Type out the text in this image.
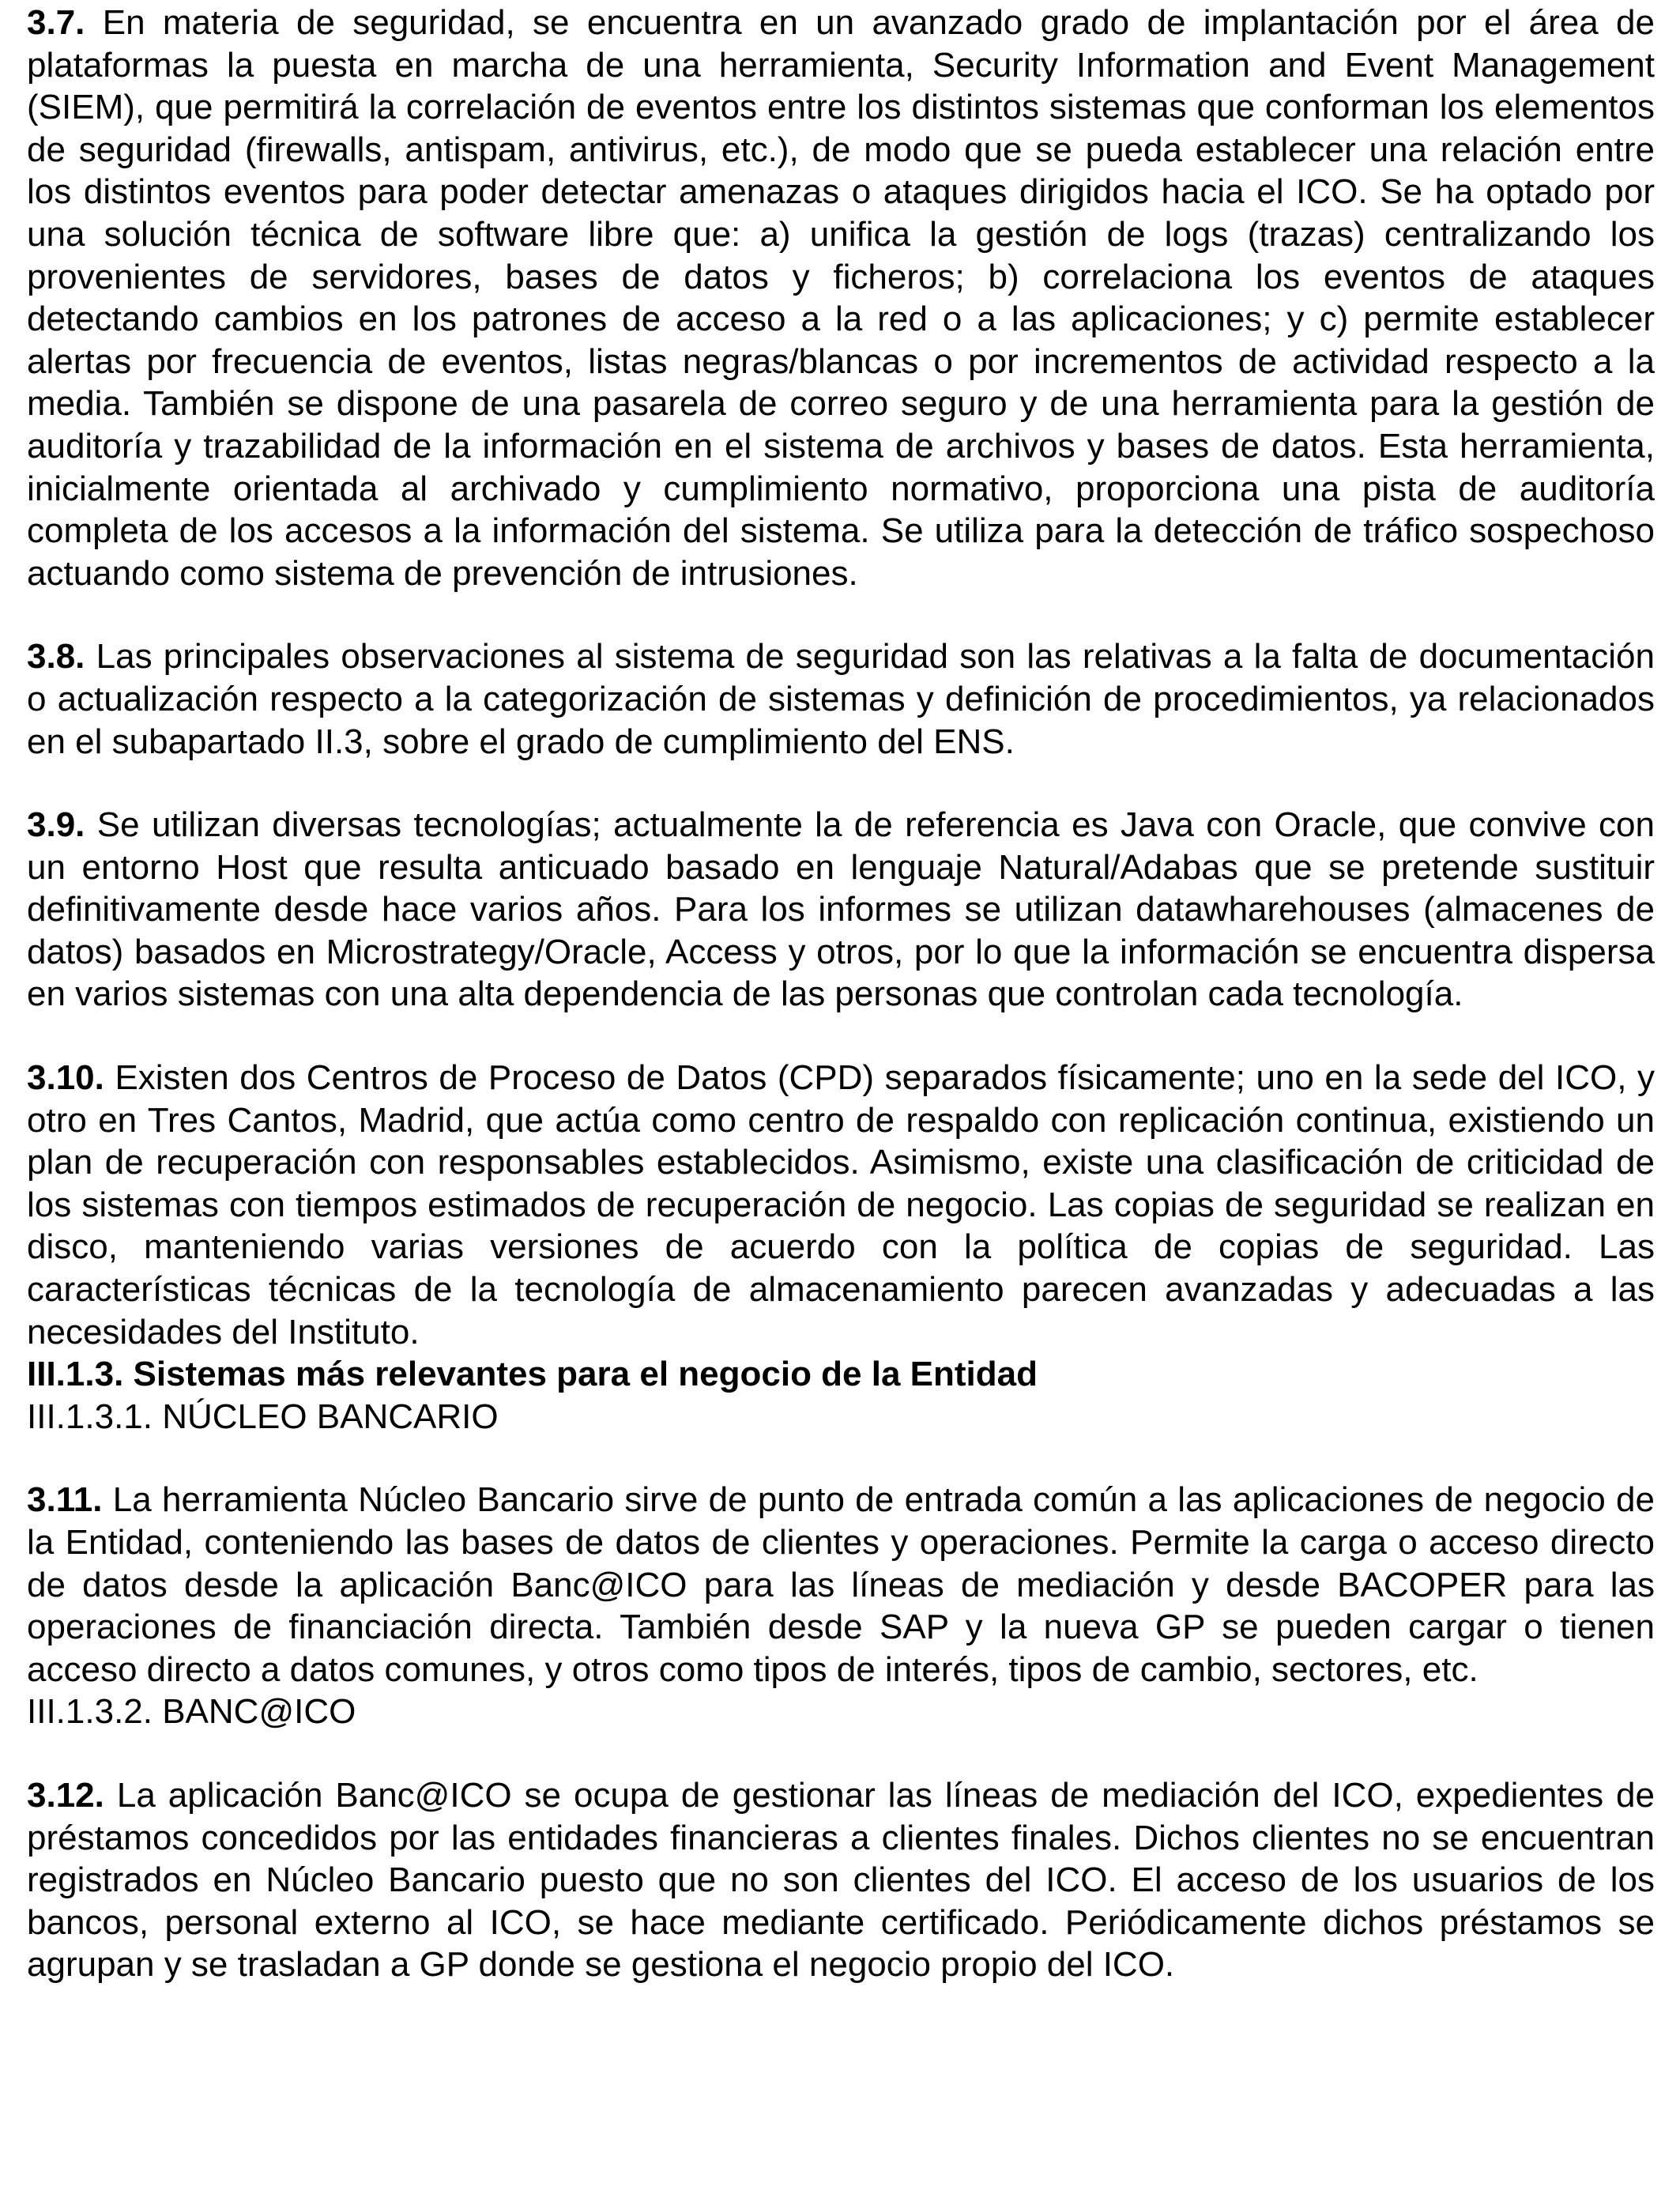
3.7. En materia de seguridad, se encuentra en un avanzado grado de implantación por el área de plataformas la puesta en marcha de una herramienta, Security Information and Event Management (SIEM), que permitirá la correlación de eventos entre los distintos sistemas que conforman los elementos de seguridad (firewalls, antispam, antivirus, etc.), de modo que se pueda establecer una relación entre los distintos eventos para poder detectar amenazas o ataques dirigidos hacia el ICO. Se ha optado por una solución técnica de software libre que: a) unifica la gestión de logs (trazas) centralizando los provenientes de servidores, bases de datos y ficheros; b) correlaciona los eventos de ataques detectando cambios en los patrones de acceso a la red o a las aplicaciones; y c) permite establecer alertas por frecuencia de eventos, listas negras/blancas o por incrementos de actividad respecto a la media. También se dispone de una pasarela de correo seguro y de una herramienta para la gestión de auditoría y trazabilidad de la información en el sistema de archivos y bases de datos. Esta herramienta, inicialmente orientada al archivado y cumplimiento normativo, proporciona una pista de auditoría completa de los accesos a la información del sistema. Se utiliza para la detección de tráfico sospechoso actuando como sistema de prevención de intrusiones.

3.8. Las principales observaciones al sistema de seguridad son las relativas a la falta de documentación o actualización respecto a la categorización de sistemas y definición de procedimientos, ya relacionados en el subapartado II.3, sobre el grado de cumplimiento del ENS.

3.9. Se utilizan diversas tecnologías; actualmente la de referencia es Java con Oracle, que convive con un entorno Host que resulta anticuado basado en lenguaje Natural/Adabas que se pretende sustituir definitivamente desde hace varios años. Para los informes se utilizan datawharehouses (almacenes de datos) basados en Microstrategy/Oracle, Access y otros, por lo que la información se encuentra dispersa en varios sistemas con una alta dependencia de las personas que controlan cada tecnología.

3.10. Existen dos Centros de Proceso de Datos (CPD) separados físicamente; uno en la sede del ICO, y otro en Tres Cantos, Madrid, que actúa como centro de respaldo con replicación continua, existiendo un plan de recuperación con responsables establecidos. Asimismo, existe una clasificación de criticidad de los sistemas con tiempos estimados de recuperación de negocio. Las copias de seguridad se realizan en disco, manteniendo varias versiones de acuerdo con la política de copias de seguridad. Las características técnicas de la tecnología de almacenamiento parecen avanzadas y adecuadas a las necesidades del Instituto.

III.1.3. Sistemas más relevantes para el negocio de la Entidad

III.1.3.1. NÚCLEO BANCARIO

3.11. La herramienta Núcleo Bancario sirve de punto de entrada común a las aplicaciones de negocio de la Entidad, conteniendo las bases de datos de clientes y operaciones. Permite la carga o acceso directo de datos desde la aplicación Banc@ICO para las líneas de mediación y desde BACOPER para las operaciones de financiación directa. También desde SAP y la nueva GP se pueden cargar o tienen acceso directo a datos comunes, y otros como tipos de interés, tipos de cambio, sectores, etc.

III.1.3.2. BANC@ICO

3.12. La aplicación Banc@ICO se ocupa de gestionar las líneas de mediación del ICO, expedientes de préstamos concedidos por las entidades financieras a clientes finales. Dichos clientes no se encuentran registrados en Núcleo Bancario puesto que no son clientes del ICO. El acceso de los usuarios de los bancos, personal externo al ICO, se hace mediante certificado. Periódicamente dichos préstamos se agrupan y se trasladan a GP donde se gestiona el negocio propio del ICO.
